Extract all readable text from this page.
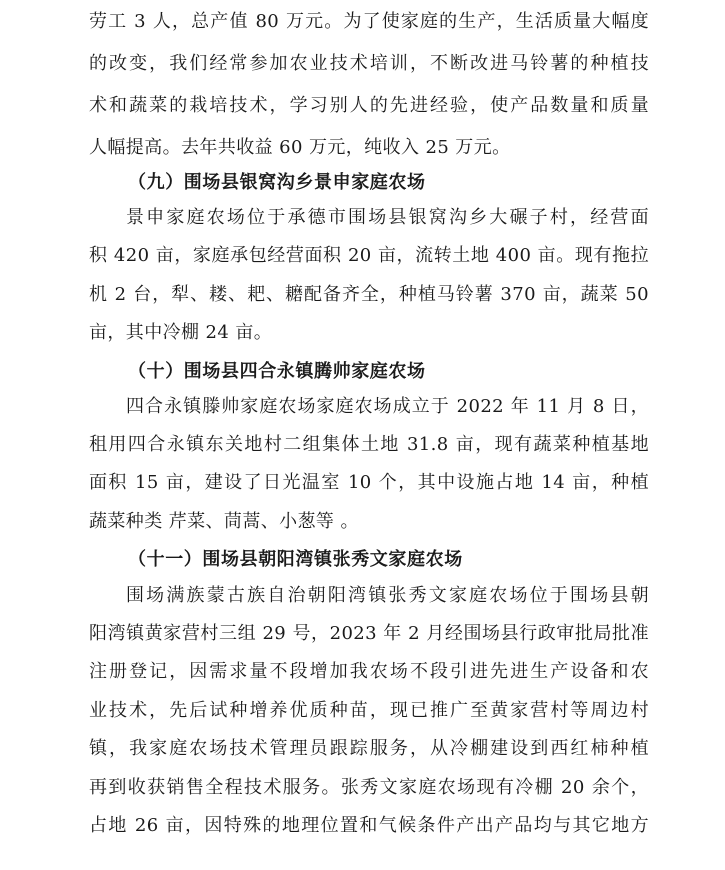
劳工 3 人，总产值 80 万元。为了使家庭的生产，生活质量大幅度
的改变，我们经常参加农业技术培训，不断改进马铃薯的种植技
术和蔬菜的栽培技术，学习别人的先进经验，使产品数量和质量
人幅提高。去年共收益 60 万元，纯收入 25 万元。
（九）围场县银窝沟乡景申家庭农场
景申家庭农场位于承德市围场县银窝沟乡大碾子村，经营面
积 420 亩，家庭承包经营面积 20 亩，流转土地 400 亩。现有拖拉
机 2 台，犁、耧、耙、耱配备齐全，种植马铃薯 370 亩，蔬菜 50
亩，其中冷棚 24 亩。
（十）围场县四合永镇腾帅家庭农场
四合永镇滕帅家庭农场家庭农场成立于 2022 年 11 月 8 日，
租用四合永镇东关地村二组集体土地 31.8 亩，现有蔬菜种植基地
面积 15 亩，建设了日光温室 10 个，其中设施占地 14 亩，种植
蔬菜种类 芹菜、茼蒿、小葱等 。
（十一）围场县朝阳湾镇张秀文家庭农场
围场满族蒙古族自治朝阳湾镇张秀文家庭农场位于围场县朝
阳湾镇黄家营村三组 29 号，2023 年 2 月经围场县行政审批局批准
注册登记，因需求量不段增加我农场不段引进先进生产设备和农
业技术，先后试种增养优质种苗，现已推广至黄家营村等周边村
镇，我家庭农场技术管理员跟踪服务，从冷棚建设到西红柿种植
再到收获销售全程技术服务。张秀文家庭农场现有冷棚 20 余个，
占地 26 亩，因特殊的地理位置和气候条件产出产品均与其它地方
